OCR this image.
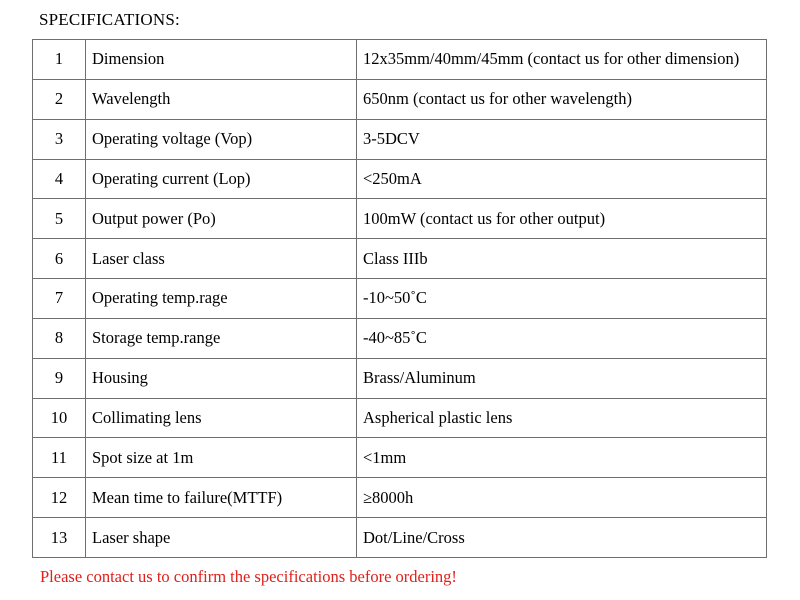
SPECIFICATIONS:
1	Dimension	12x35mm/40mm/45mm (contact us for other dimension)
2	Wavelength	650nm (contact us for other wavelength)
3	Operating voltage (Vop)	3-5DCV
4	Operating current (Lop)	<250mA
5	Output power (Po)	100mW (contact us for other output)
6	Laser class	Class IIIb
7	Operating temp.rage	-10~50˚C
8	Storage temp.range	-40~85˚C
9	Housing	Brass/Aluminum
10	Collimating lens	Aspherical plastic lens
11	Spot size at 1m	<1mm
12	Mean time to failure(MTTF)	≥8000h
13	Laser shape	Dot/Line/Cross
Please contact us to confirm the specifications before ordering!
